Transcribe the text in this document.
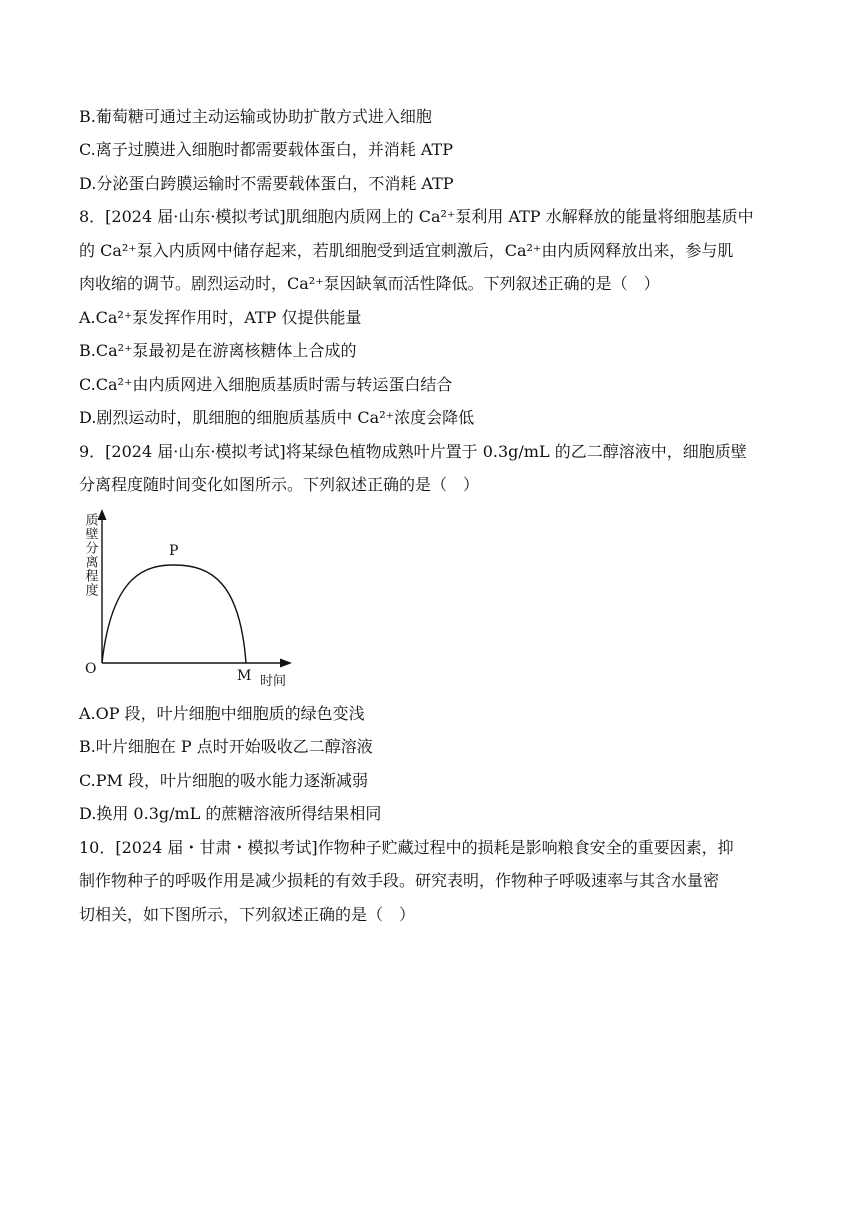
B.葡萄糖可通过主动运输或协助扩散方式进入细胞
C.离子过膜进入细胞时都需要载体蛋白，并消耗 ATP
D.分泌蛋白跨膜运输时不需要载体蛋白，不消耗 ATP
8．[2024 届·山东·模拟考试]肌细胞内质网上的 Ca²⁺泵利用 ATP 水解释放的能量将细胞基质中
的 Ca²⁺泵入内质网中储存起来，若肌细胞受到适宜刺激后，Ca²⁺由内质网释放出来，参与肌
肉收缩的调节。剧烈运动时，Ca²⁺泵因缺氧而活性降低。下列叙述正确的是（　）
A.Ca²⁺泵发挥作用时，ATP 仅提供能量
B.Ca²⁺泵最初是在游离核糖体上合成的
C.Ca²⁺由内质网进入细胞质基质时需与转运蛋白结合
D.剧烈运动时，肌细胞的细胞质基质中 Ca²⁺浓度会降低
9．[2024 届·山东·模拟考试]将某绿色植物成熟叶片置于 0.3g/mL 的乙二醇溶液中，细胞质壁
分离程度随时间变化如图所示。下列叙述正确的是（　）
质壁分离程度	P
O	M 时间
A.OP 段，叶片细胞中细胞质的绿色变浅
B.叶片细胞在 P 点时开始吸收乙二醇溶液
C.PM 段，叶片细胞的吸水能力逐渐减弱
D.换用 0.3g/mL 的蔗糖溶液所得结果相同
10．[2024 届・甘肃・模拟考试]作物种子贮藏过程中的损耗是影响粮食安全的重要因素，抑
制作物种子的呼吸作用是减少损耗的有效手段。研究表明，作物种子呼吸速率与其含水量密
切相关，如下图所示，下列叙述正确的是（　）
